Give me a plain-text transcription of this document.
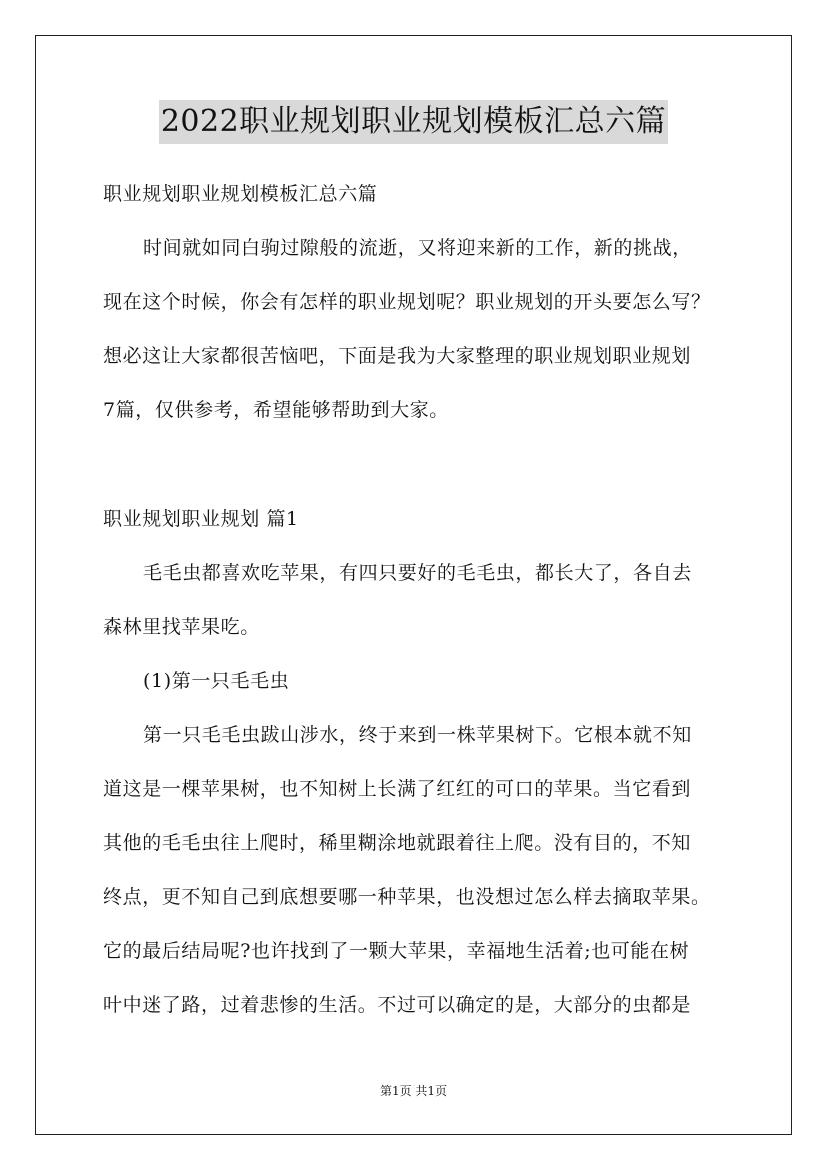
2022职业规划职业规划模板汇总六篇
职业规划职业规划模板汇总六篇
时间就如同白驹过隙般的流逝，又将迎来新的工作，新的挑战，
现在这个时候，你会有怎样的职业规划呢？职业规划的开头要怎么写？
想必这让大家都很苦恼吧，下面是我为大家整理的职业规划职业规划
7篇，仅供参考，希望能够帮助到大家。
职业规划职业规划 篇1
毛毛虫都喜欢吃苹果，有四只要好的毛毛虫，都长大了，各自去
森林里找苹果吃。
(1)第一只毛毛虫
第一只毛毛虫跋山涉水，终于来到一株苹果树下。它根本就不知
道这是一棵苹果树，也不知树上长满了红红的可口的苹果。当它看到
其他的毛毛虫往上爬时，稀里糊涂地就跟着往上爬。没有目的，不知
终点，更不知自己到底想要哪一种苹果，也没想过怎么样去摘取苹果。
它的最后结局呢?也许找到了一颗大苹果，幸福地生活着;也可能在树
叶中迷了路，过着悲惨的生活。不过可以确定的是，大部分的虫都是
第1页 共1页
